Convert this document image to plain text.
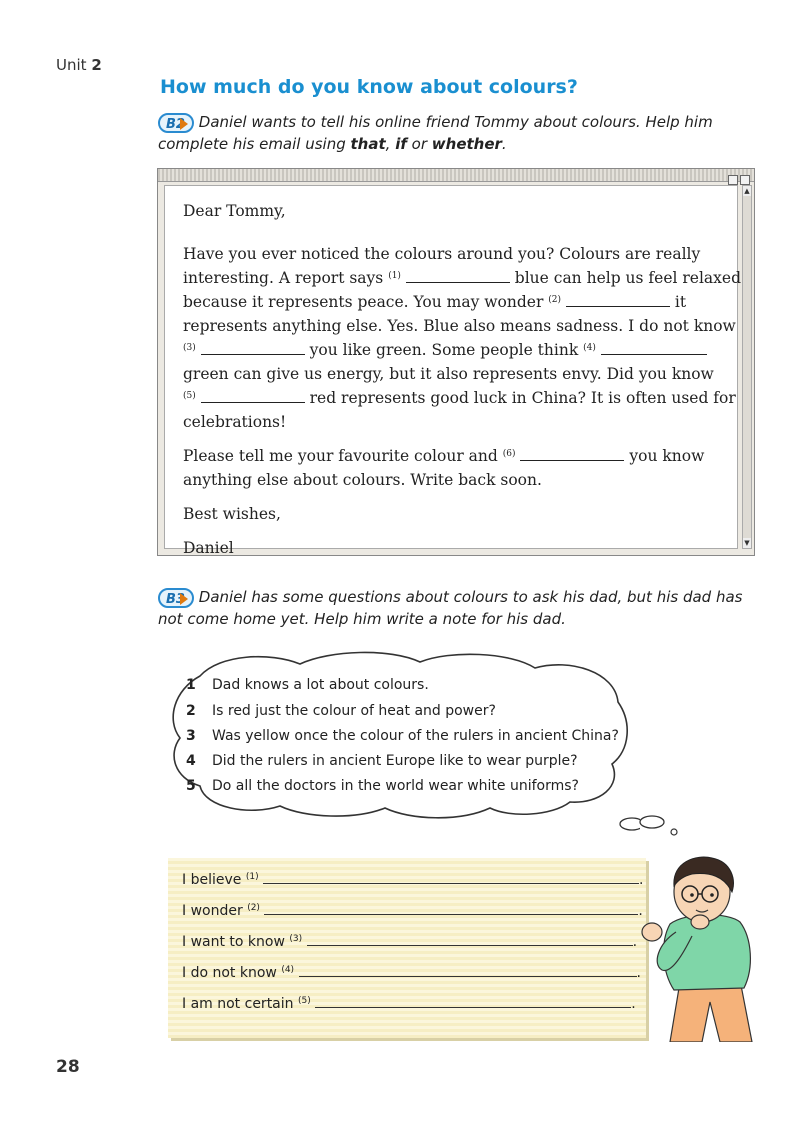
Unit 2
How much do you know about colours?
B2 Daniel wants to tell his online friend Tommy about colours. Help him complete his email using that, if or whether.
Dear Tommy,
Have you ever noticed the colours around you? Colours are really
interesting. A report says $^{(1)}$	blue can help us feel relaxed
because it represents peace. You may wonder $^{(2)}$	it
represents anything else. Yes. Blue also means sadness. I do not know
$^{(3)}$	you like green. Some people think $^{(4)}$
green can give us energy, but it also represents envy. Did you know
$^{(5)}$	red represents good luck in China? It is often used for
celebrations!
Please tell me your favourite colour and $^{(6)}$	you know
anything else about colours. Write back soon.
Best wishes,
Daniel
▲
▼
B3 Daniel has some questions about colours to ask his dad, but his dad has not come home yet. Help him write a note for his dad.
1 Dad knows a lot about colours.
2 Is red just the colour of heat and power?
3 Was yellow once the colour of the rulers in ancient China?
4 Did the rulers in ancient Europe like to wear purple?
5 Do all the doctors in the world wear white uniforms?
I believe $^{(1)}$	.
I wonder $^{(2)}$	.
I want to know $^{(3)}$	.
I do not know $^{(4)}$	.
I am not certain $^{(5)}$	.
28
